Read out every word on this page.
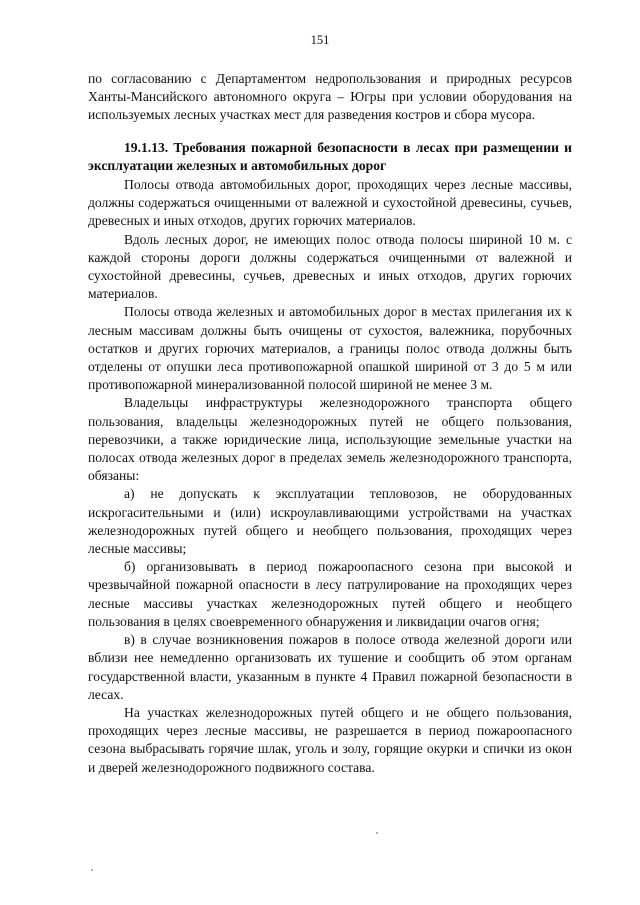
151

по согласованию с Департаментом недропользования и природных ресурсов Ханты-Мансийского автономного округа – Югры при условии оборудования на используемых лесных участках мест для разведения костров и сбора мусора.

19.1.13. Требования пожарной безопасности в лесах при размещении и эксплуатации железных и автомобильных дорог

Полосы отвода автомобильных дорог, проходящих через лесные массивы, должны содержаться очищенными от валежной и сухостойной древесины, сучьев, древесных и иных отходов, других горючих материалов.

Вдоль лесных дорог, не имеющих полос отвода полосы шириной 10 м. с каждой стороны дороги должны содержаться очищенными от валежной и сухостойной древесины, сучьев, древесных и иных отходов, других горючих материалов.

Полосы отвода железных и автомобильных дорог в местах прилегания их к лесным массивам должны быть очищены от сухостоя, валежника, порубочных остатков и других горючих материалов, а границы полос отвода должны быть отделены от опушки леса противопожарной опашкой шириной от 3 до 5 м или противопожарной минерализованной полосой шириной не менее 3 м.

Владельцы инфраструктуры железнодорожного транспорта общего пользования, владельцы железнодорожных путей не общего пользования, перевозчики, а также юридические лица, использующие земельные участки на полосах отвода железных дорог в пределах земель железнодорожного транспорта, обязаны:

а) не допускать к эксплуатации тепловозов, не оборудованных искрогасительными и (или) искроулавливающими устройствами на участках железнодорожных путей общего и необщего пользования, проходящих через лесные массивы;

б) организовывать в период пожароопасного сезона при высокой и чрезвычайной пожарной опасности в лесу патрулирование на проходящих через лесные массивы участках железнодорожных путей общего и необщего пользования в целях своевременного обнаружения и ликвидации очагов огня;

в) в случае возникновения пожаров в полосе отвода железной дороги или вблизи нее немедленно организовать их тушение и сообщить об этом органам государственной власти, указанным в пункте 4 Правил пожарной безопасности в лесах.

На участках железнодорожных путей общего и не общего пользования, проходящих через лесные массивы, не разрешается в период пожароопасного сезона выбрасывать горячие шлак, уголь и золу, горящие окурки и спички из окон и дверей железнодорожного подвижного состава.
